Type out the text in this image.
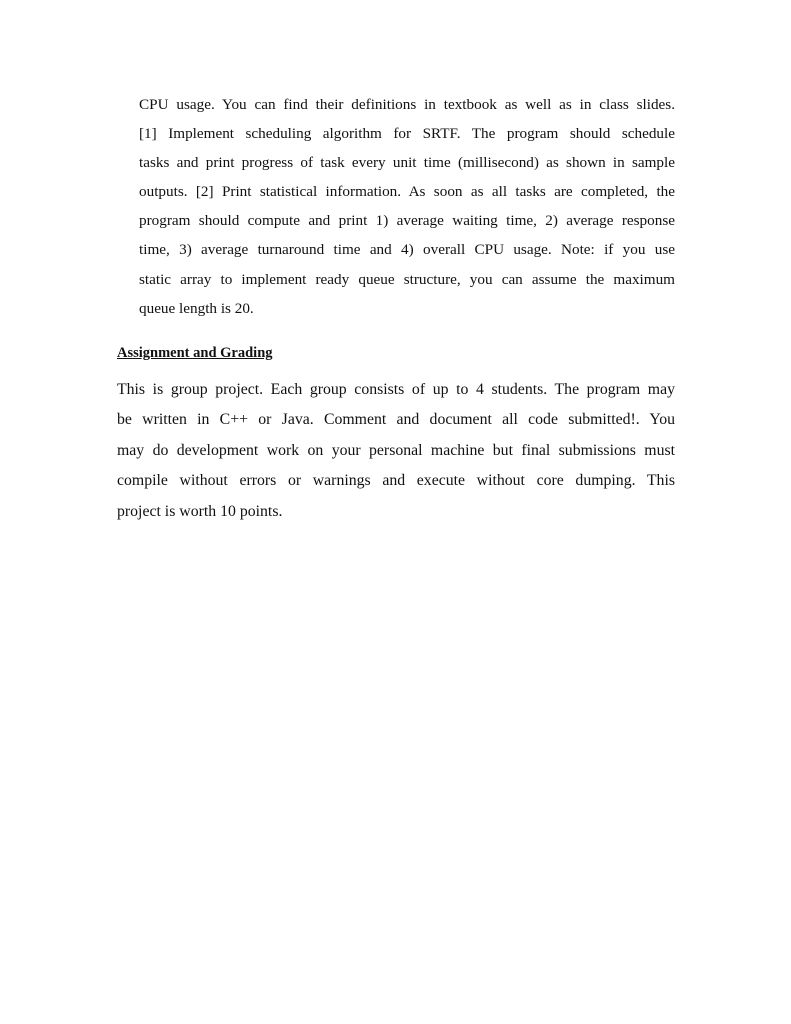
CPU usage. You can find their definitions in textbook as well as in class slides.
[1] Implement scheduling algorithm for SRTF. The program should schedule
tasks and print progress of task every unit time (millisecond) as shown in sample
outputs. [2] Print statistical information. As soon as all tasks are completed, the
program should compute and print 1) average waiting time, 2) average response
time, 3) average turnaround time and 4) overall CPU usage. Note: if you use
static array to implement ready queue structure, you can assume the maximum
queue length is 20.
Assignment and Grading
This is group project. Each group consists of up to 4 students. The program may
be written in C++ or Java. Comment and document all code submitted!. You
may do development work on your personal machine but final submissions must
compile without errors or warnings and execute without core dumping. This
project is worth 10 points.
